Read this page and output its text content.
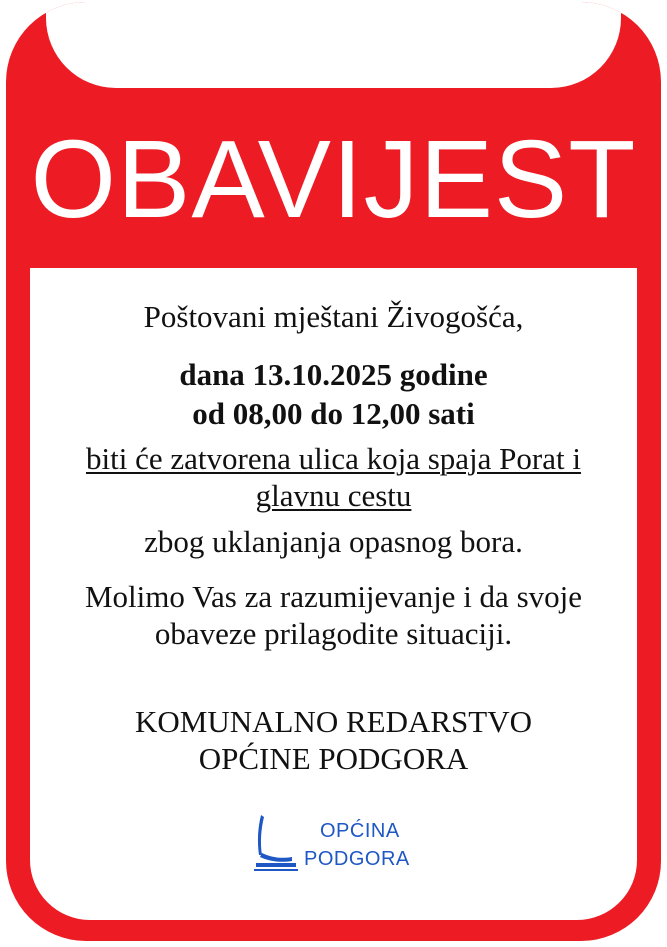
OBAVIJEST
Poštovani mještani Živogošća,
dana 13.10.2025 godine
od 08,00 do 12,00 sati
biti će zatvorena ulica koja spaja Porat i
glavnu cestu
zbog uklanjanja opasnog bora.
Molimo Vas za razumijevanje i da svoje
obaveze prilagodite situaciji.
KOMUNALNO REDARSTVO
OPĆINE PODGORA
OPĆINA
PODGORA
